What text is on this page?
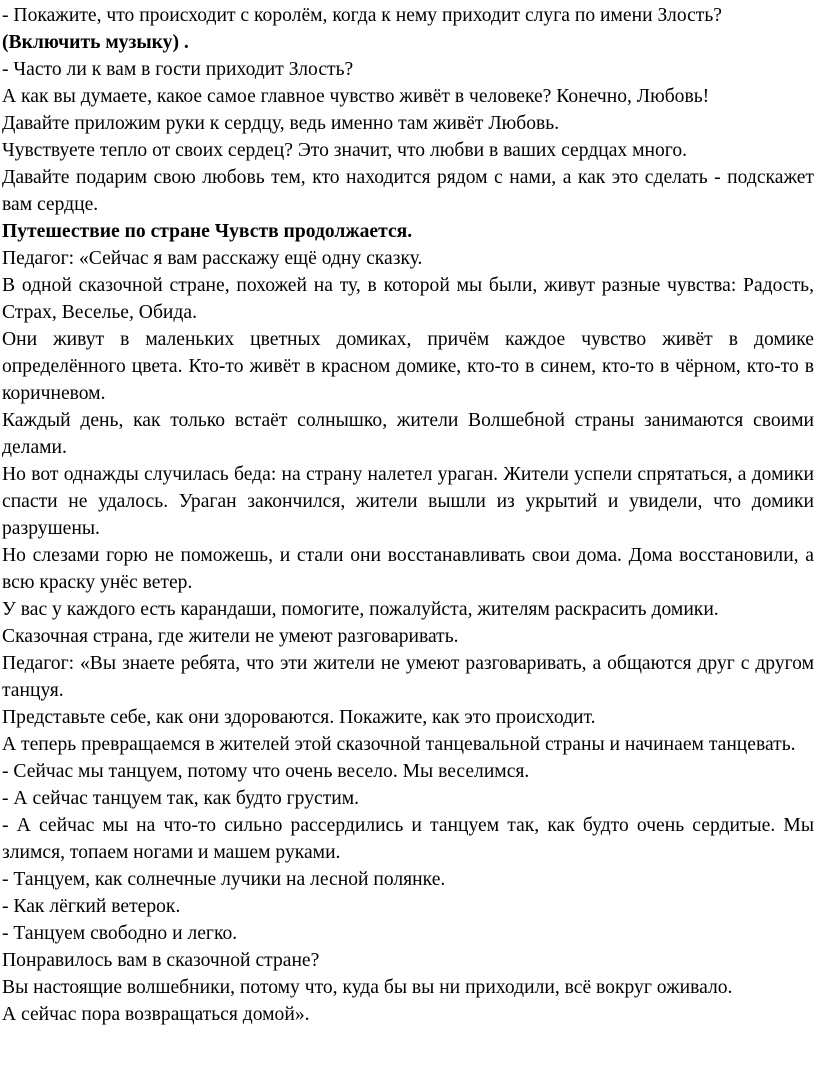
- Покажите, что происходит с королём, когда к нему приходит слуга по имени Злость?

(Включить музыку) .

- Часто ли к вам в гости приходит Злость?

А как вы думаете, какое самое главное чувство живёт в человеке? Конечно, Любовь!

Давайте приложим руки к сердцу, ведь именно там живёт Любовь.

Чувствуете тепло от своих сердец? Это значит, что любви в ваших сердцах много.

Давайте подарим свою любовь тем, кто находится рядом с нами, а как это сделать - подскажет вам сердце.

Путешествие по стране Чувств продолжается.

Педагог: «Сейчас я вам расскажу ещё одну сказку.

В одной сказочной стране, похожей на ту, в которой мы были, живут разные чувства: Радость, Страх, Веселье, Обида.

Они живут в маленьких цветных домиках, причём каждое чувство живёт в домике определённого цвета. Кто-то живёт в красном домике, кто-то в синем, кто-то в чёрном, кто-то в коричневом.

Каждый день, как только встаёт солнышко, жители Волшебной страны занимаются своими делами.

Но вот однажды случилась беда: на страну налетел ураган. Жители успели спрятаться, а домики спасти не удалось. Ураган закончился, жители вышли из укрытий и увидели, что домики разрушены.

Но слезами горю не поможешь, и стали они восстанавливать свои дома. Дома восстановили, а всю краску унёс ветер.

У вас у каждого есть карандаши, помогите, пожалуйста, жителям раскрасить домики.

Сказочная страна, где жители не умеют разговаривать.

Педагог: «Вы знаете ребята, что эти жители не умеют разговаривать, а общаются друг с другом танцуя.

Представьте себе, как они здороваются. Покажите, как это происходит.

А теперь превращаемся в жителей этой сказочной танцевальной страны и начинаем танцевать.

- Сейчас мы танцуем, потому что очень весело. Мы веселимся.

- А сейчас танцуем так, как будто грустим.

- А сейчас мы на что-то сильно рассердились и танцуем так, как будто очень сердитые. Мы злимся, топаем ногами и машем руками.

- Танцуем, как солнечные лучики на лесной полянке.

- Как лёгкий ветерок.

- Танцуем свободно и легко.

Понравилось вам в сказочной стране?

Вы настоящие волшебники, потому что, куда бы вы ни приходили, всё вокруг оживало.

А сейчас пора возвращаться домой».
